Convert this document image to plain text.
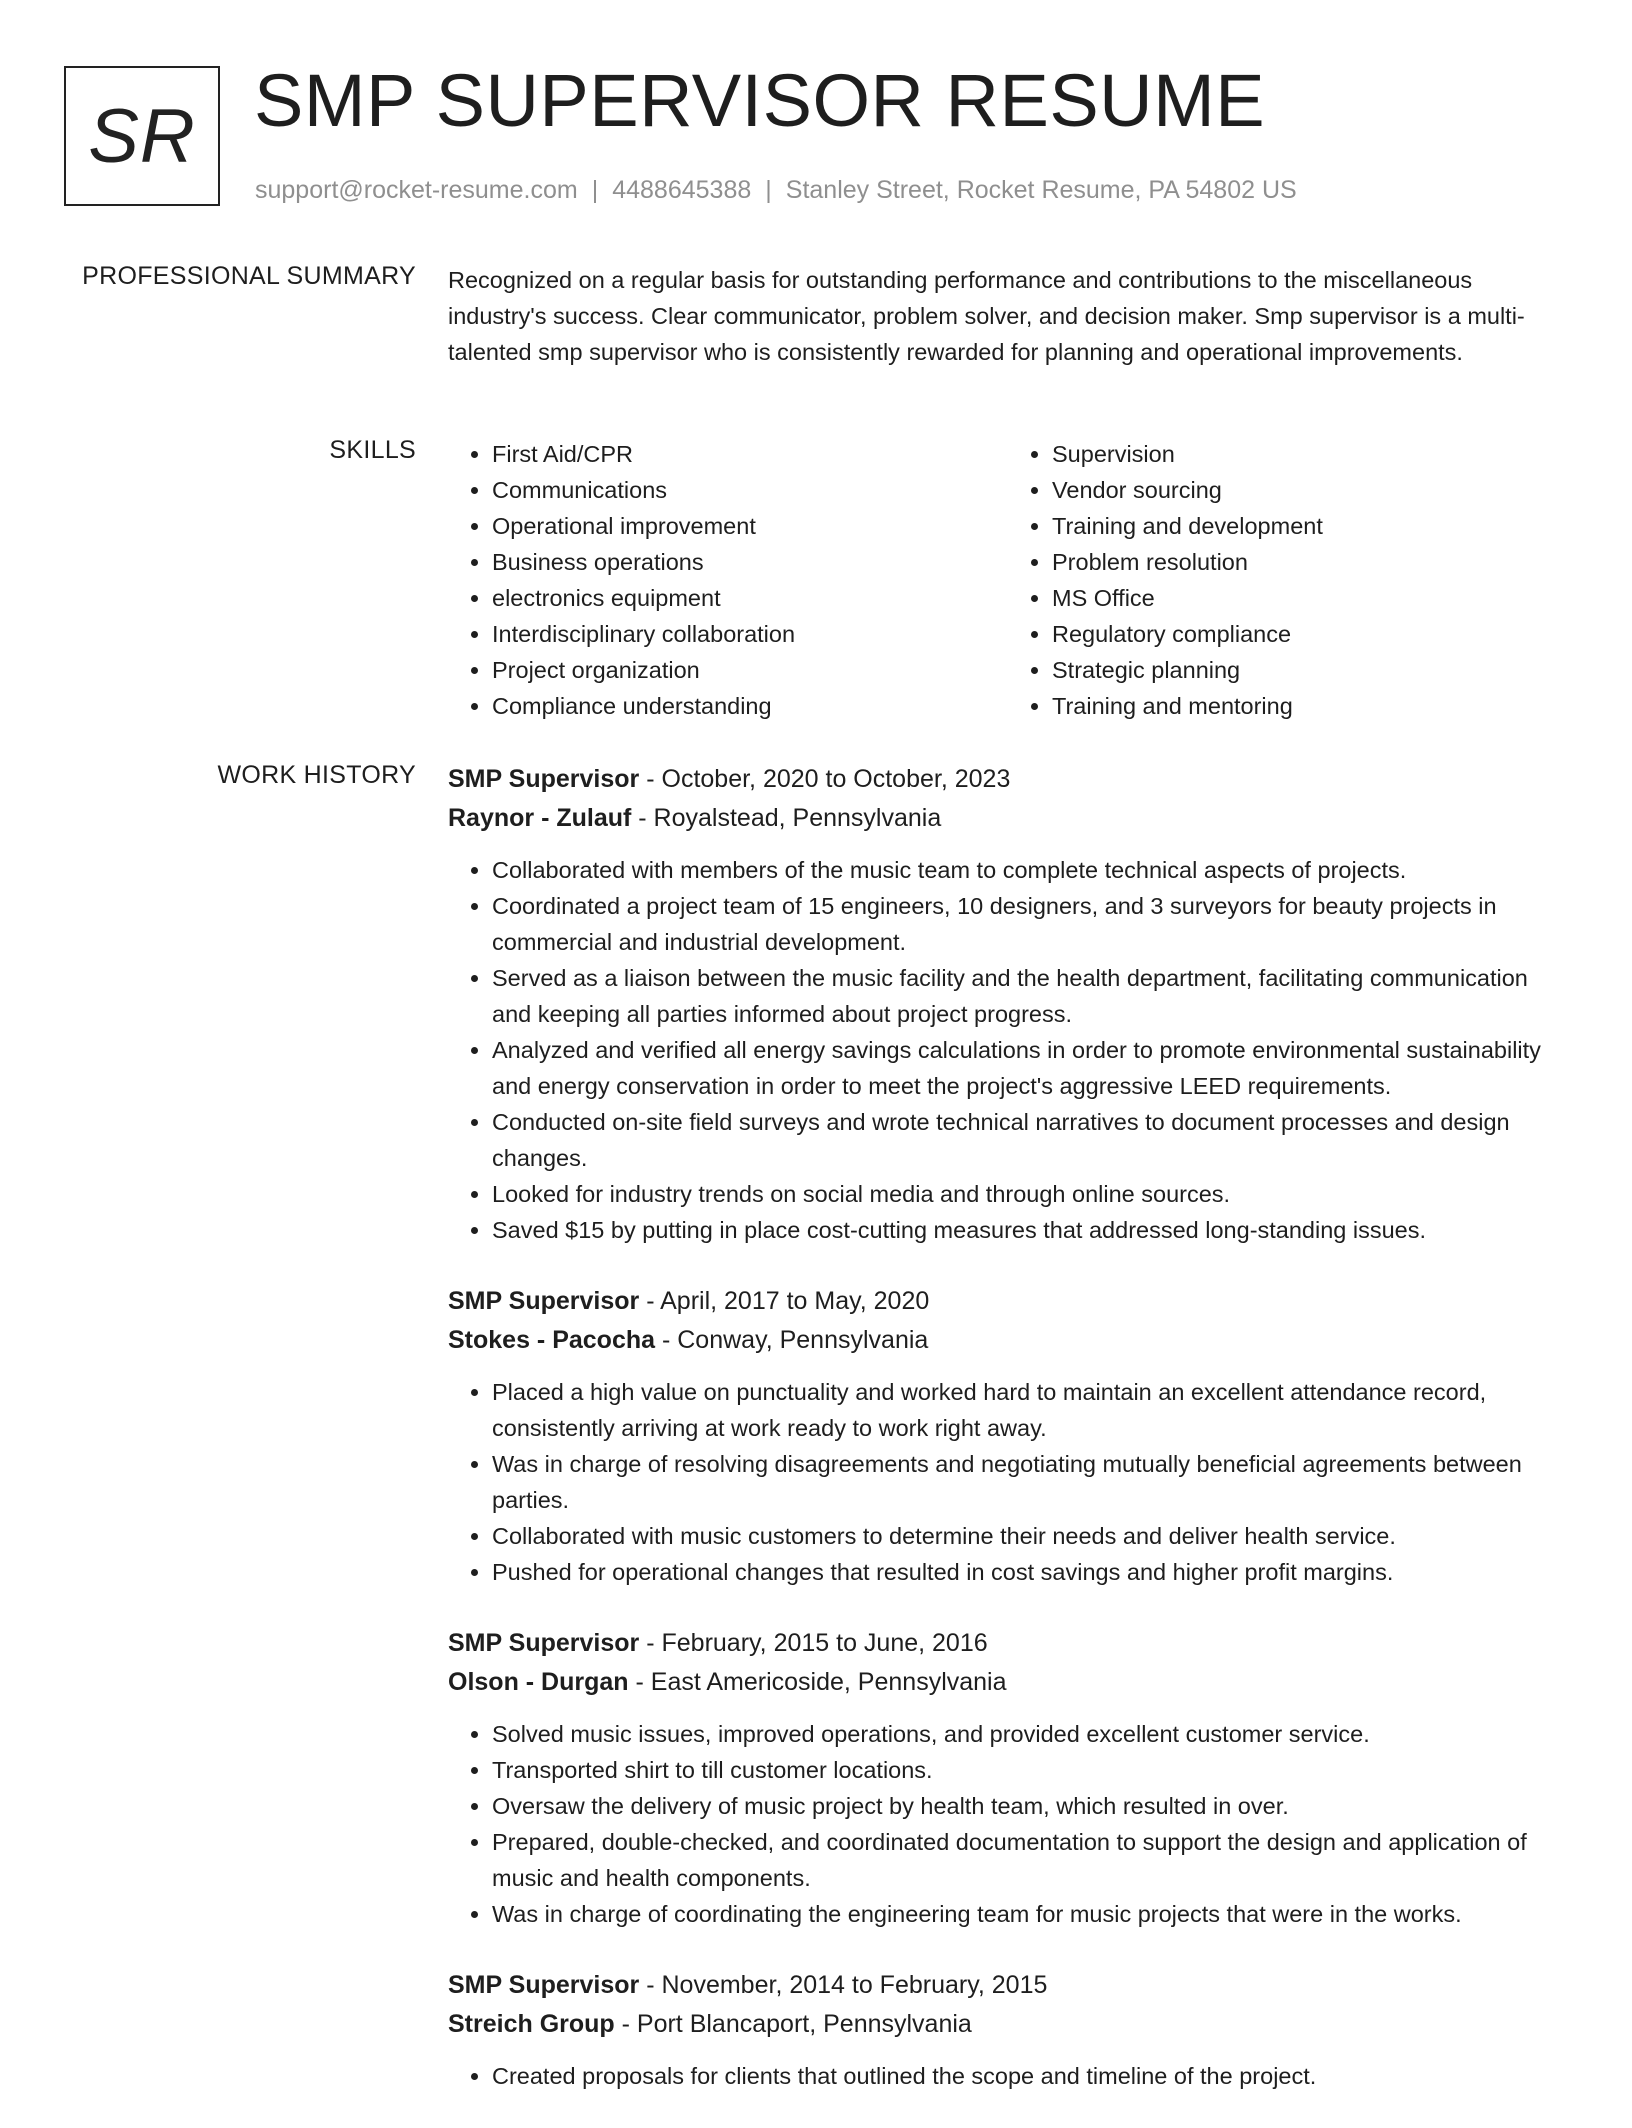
SR SMP SUPERVISOR RESUME
support@rocket-resume.com | 4488645388 | Stanley Street, Rocket Resume, PA 54802 US
PROFESSIONAL SUMMARY Recognized on a regular basis for outstanding performance and contributions to the miscellaneous industry's success. Clear communicator, problem solver, and decision maker. Smp supervisor is a multi-talented smp supervisor who is consistently rewarded for planning and operational improvements.

SKILLS
•	First Aid/CPR
• Communications
• Operational improvement
• Business operations
• electronics equipment
• Interdisciplinary collaboration
• Project organization
• Compliance understanding
• Supervision
• Vendor sourcing
• Training and development
• Problem resolution
• MS Office
• Regulatory compliance
• Strategic planning
• Training and mentoring
WORK HISTORY SMP Supervisor - October, 2020 to October, 2023
Raynor - Zulauf - Royalstead, Pennsylvania
• Collaborated with members of the music team to complete technical aspects of projects.
• Coordinated a project team of 15 engineers, 10 designers, and 3 surveyors for beauty projects in commercial and industrial development.
• Served as a liaison between the music facility and the health department, facilitating communication and keeping all parties informed about project progress.
• Analyzed and verified all energy savings calculations in order to promote environmental sustainability and energy conservation in order to meet the project's aggressive LEED requirements.
• Conducted on-site field surveys and wrote technical narratives to document processes and design changes.
• Looked for industry trends on social media and through online sources.
• Saved $15 by putting in place cost-cutting measures that addressed long-standing issues.
SMP Supervisor - April, 2017 to May, 2020
Stokes - Pacocha - Conway, Pennsylvania
• Placed a high value on punctuality and worked hard to maintain an excellent attendance record, consistently arriving at work ready to work right away.
• Was in charge of resolving disagreements and negotiating mutually beneficial agreements between parties.
• Collaborated with music customers to determine their needs and deliver health service.
• Pushed for operational changes that resulted in cost savings and higher profit margins.
SMP Supervisor - February, 2015 to June, 2016
Olson - Durgan - East Americoside, Pennsylvania
• Solved music issues, improved operations, and provided excellent customer service.
• Transported shirt to till customer locations.
• Oversaw the delivery of music project by health team, which resulted in over.
• Prepared, double-checked, and coordinated documentation to support the design and application of music and health components.
• Was in charge of coordinating the engineering team for music projects that were in the works.
SMP Supervisor - November, 2014 to February, 2015
Streich Group - Port Blancaport, Pennsylvania
• Created proposals for clients that outlined the scope and timeline of the project.
